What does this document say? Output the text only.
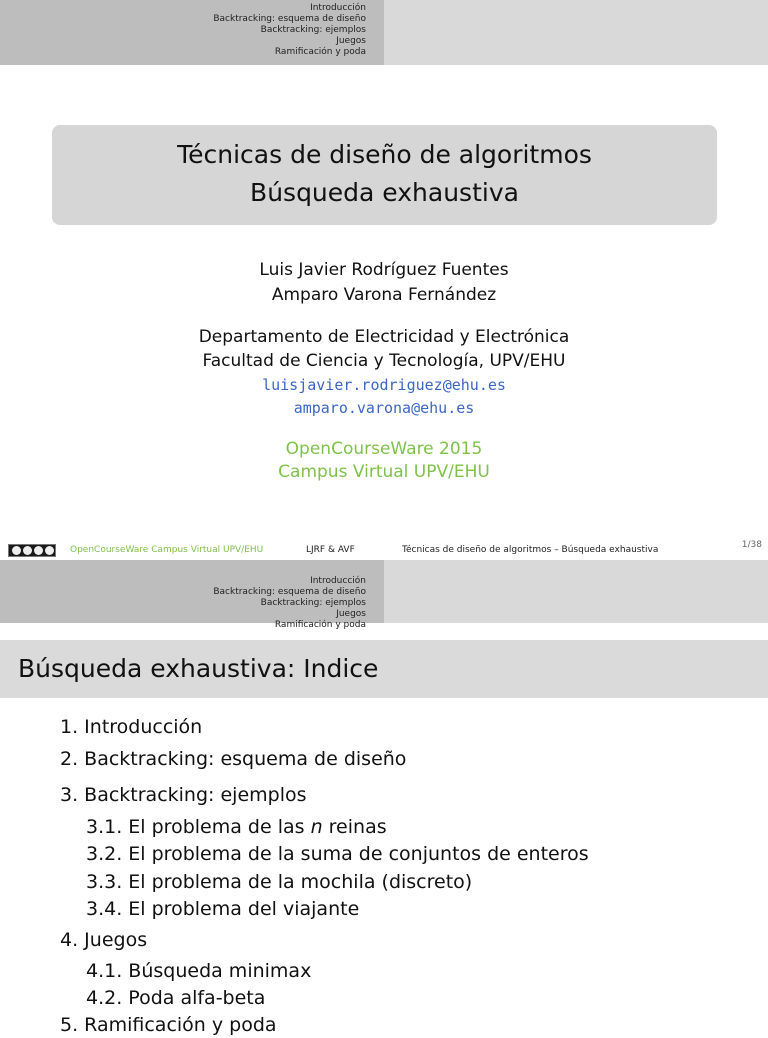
Introducción
Backtracking: esquema de diseño
Backtracking: ejemplos
Juegos
Ramificación y poda
Técnicas de diseño de algoritmos
Búsqueda exhaustiva
Luis Javier Rodríguez Fuentes
Amparo Varona Fernández
Departamento de Electricidad y Electrónica
Facultad de Ciencia y Tecnología, UPV/EHU
luisjavier.rodriguez@ehu.es
amparo.varona@ehu.es
OpenCourseWare 2015
Campus Virtual UPV/EHU
1/38
OpenCourseWare Campus Virtual UPV/EHU	LJRF & AVF	Técnicas de diseño de algoritmos – Búsqueda exhaustiva
Introducción
Backtracking: esquema de diseño
Backtracking: ejemplos
Juegos
Ramificación y poda
Búsqueda exhaustiva: Indice
1. Introducción
2. Backtracking: esquema de diseño
3. Backtracking: ejemplos
3.1. El problema de las n reinas
3.2. El problema de la suma de conjuntos de enteros
3.3. El problema de la mochila (discreto)
3.4. El problema del viajante
4. Juegos
4.1. Búsqueda minimax
4.2. Poda alfa-beta
5. Ramificación y poda
